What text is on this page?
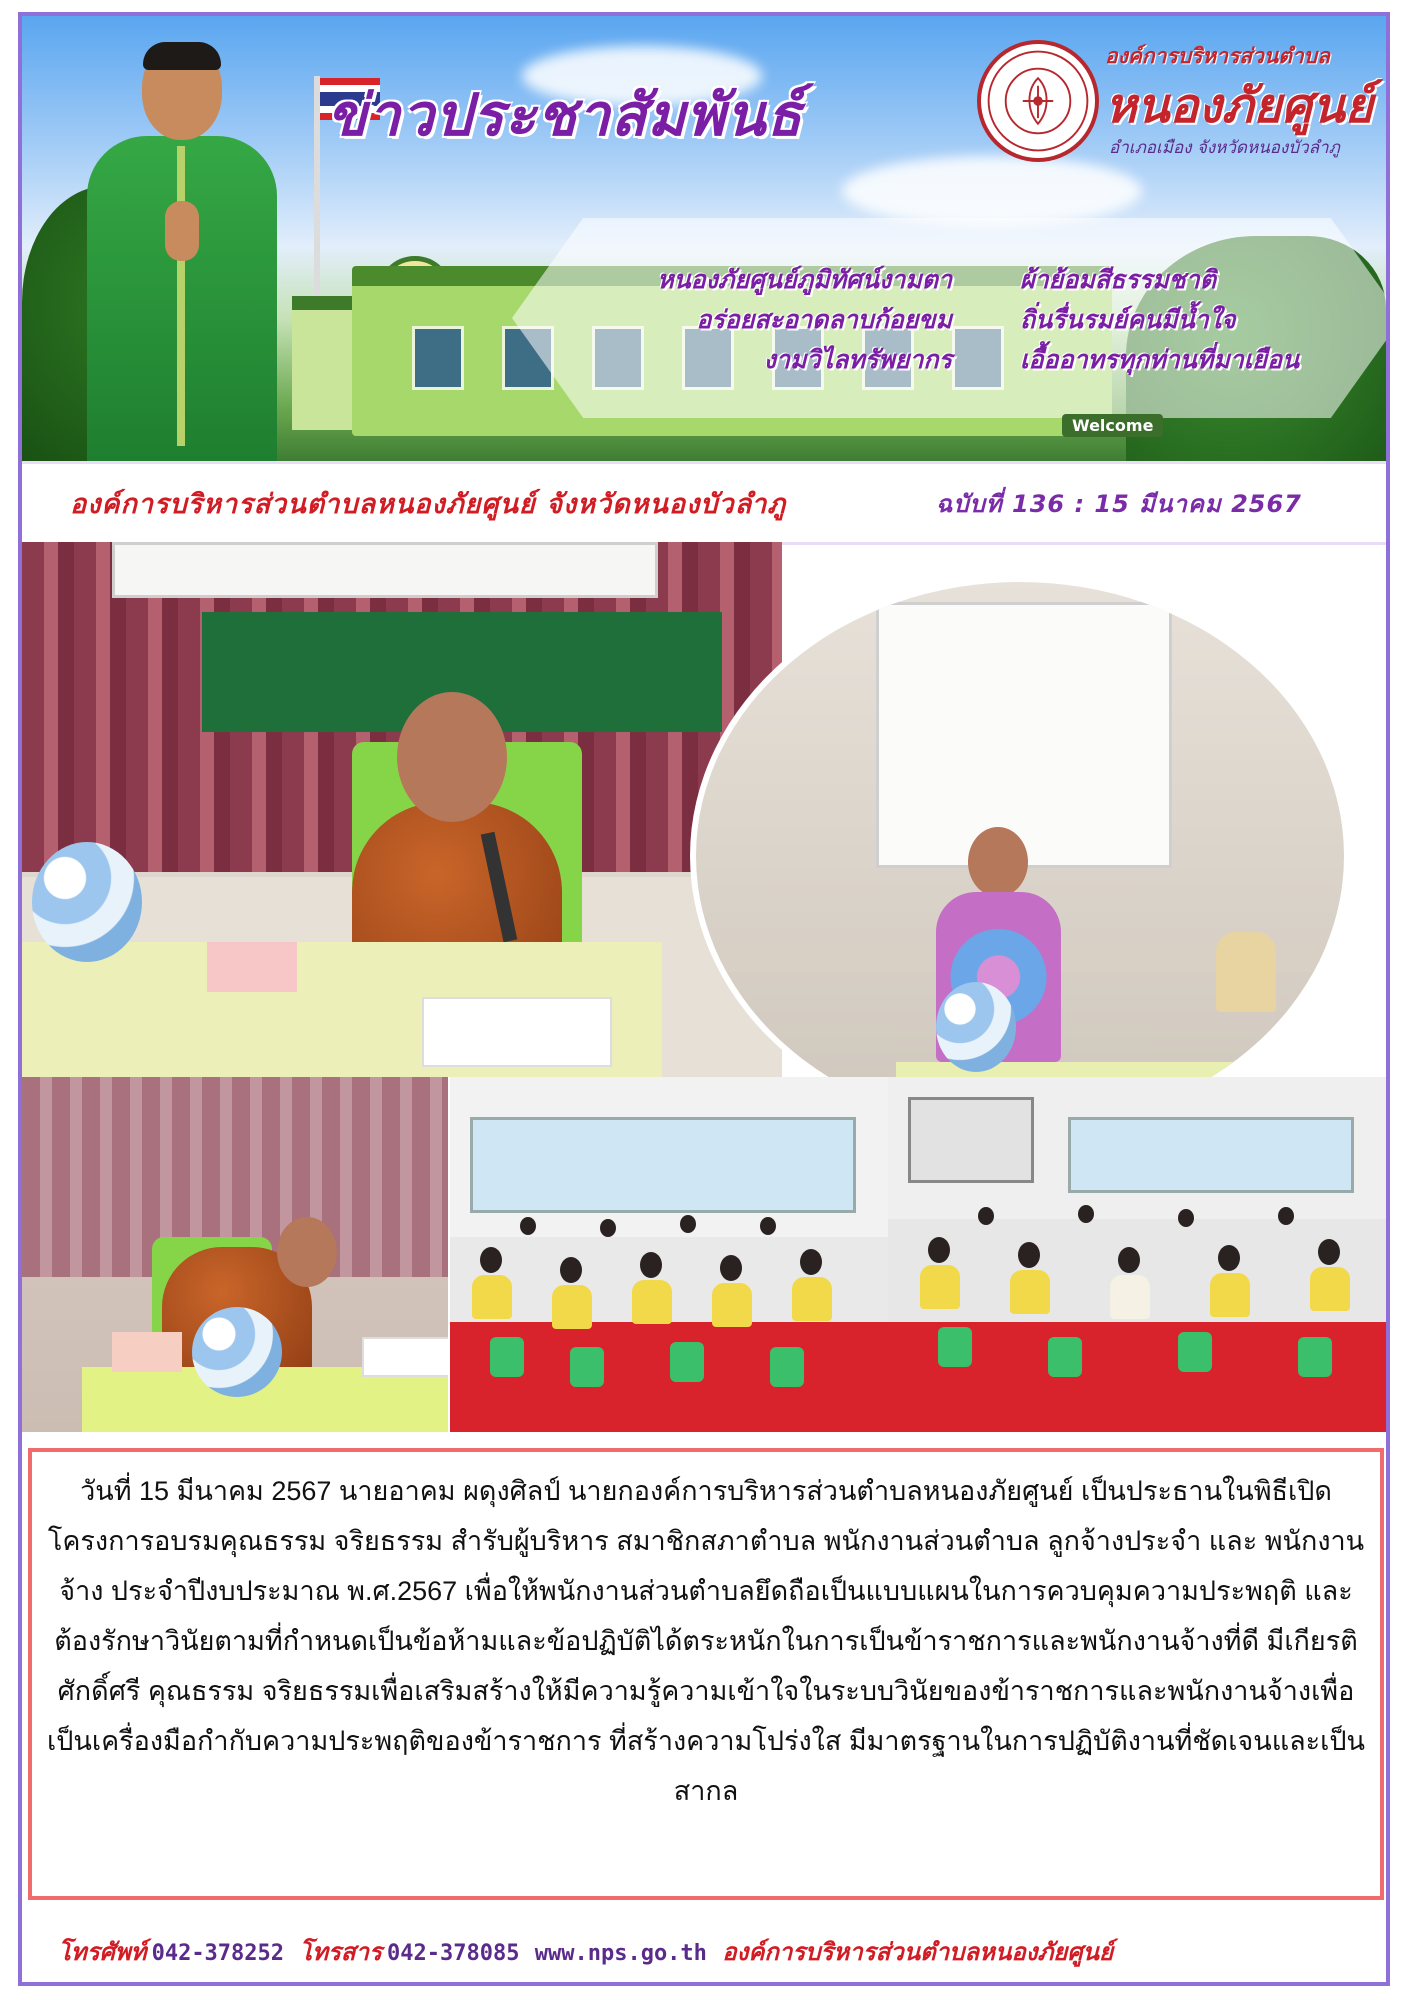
ข่าวประชาสัมพันธ์
องค์การบริหารส่วนตำบล
หนองภัยศูนย์
อำเภอเมือง จังหวัดหนองบัวลำภู
หนองภัยศูนย์ภูมิทัศน์งามตา
อร่อยสะอาดลาบก้อยขม
งามวิไลทรัพยากร
ผ้าย้อมสีธรรมชาติ
ถิ่นรื่นรมย์คนมีน้ำใจ
เอื้ออาทรทุกท่านที่มาเยือน
Welcome
องค์การบริหารส่วนตำบลหนองภัยศูนย์ จังหวัดหนองบัวลำภู	ฉบับที่ 136 : 15 มีนาคม 2567

วันที่ 15 มีนาคม 2567 นายอาคม ผดุงศิลป์ นายกองค์การบริหารส่วนตำบลหนองภัยศูนย์ เป็นประธานในพิธีเปิด โครงการอบรมคุณธรรม จริยธรรม สำรับผู้บริหาร สมาชิกสภาตำบล พนักงานส่วนตำบล ลูกจ้างประจำ และ พนักงานจ้าง ประจำปีงบประมาณ พ.ศ.2567 เพื่อให้พนักงานส่วนตำบลยึดถือเป็นแบบแผนในการควบคุมความประพฤติ และต้องรักษาวินัยตามที่กำหนดเป็นข้อห้ามและข้อปฏิบัติได้ตระหนักในการเป็นข้าราชการและพนักงานจ้างที่ดี มีเกียรติ ศักดิ์ศรี คุณธรรม จริยธรรมเพื่อเสริมสร้างให้มีความรู้ความเข้าใจในระบบวินัยของข้าราชการและพนักงานจ้างเพื่อเป็นเครื่องมือกำกับความประพฤติของข้าราชการ ที่สร้างความโปร่งใส มีมาตรฐานในการปฏิบัติงานที่ชัดเจนและเป็นสากล

โทรศัพท์ 042-378252 โทรสาร 042-378085 www.nps.go.th องค์การบริหารส่วนตำบลหนองภัยศูนย์
